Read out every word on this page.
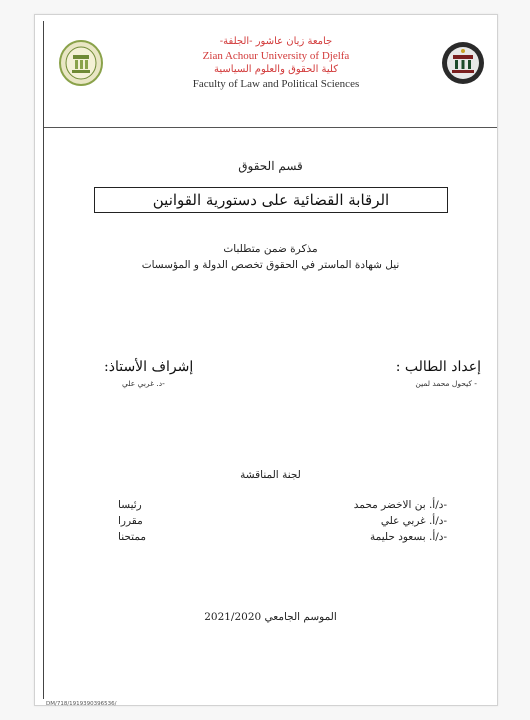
جامعة زيان عاشور -الجلفة-
Zian Achour University of Djelfa
كلية الحقوق والعلوم السياسية
Faculty of Law and Political Sciences
قسم الحقوق
الرقابة القضائية على دستورية القوانين
مذكرة ضمن متطلبات
نيل شهادة الماستر في الحقوق تخصص الدولة و المؤسسات
إعداد الطالب :
- كيحول محمد لمين
إشراف الأستاذ:
-د. غربي علي
لجنة المناقشة
-د/أ. بن الاخضر محمد
رئيسا
-د/أ. غربي علي
مقررا
-د/أ. بسعود حليمة
ممتحنا
الموسم الجامعي 2021/2020
DM/718/1919390396536/
